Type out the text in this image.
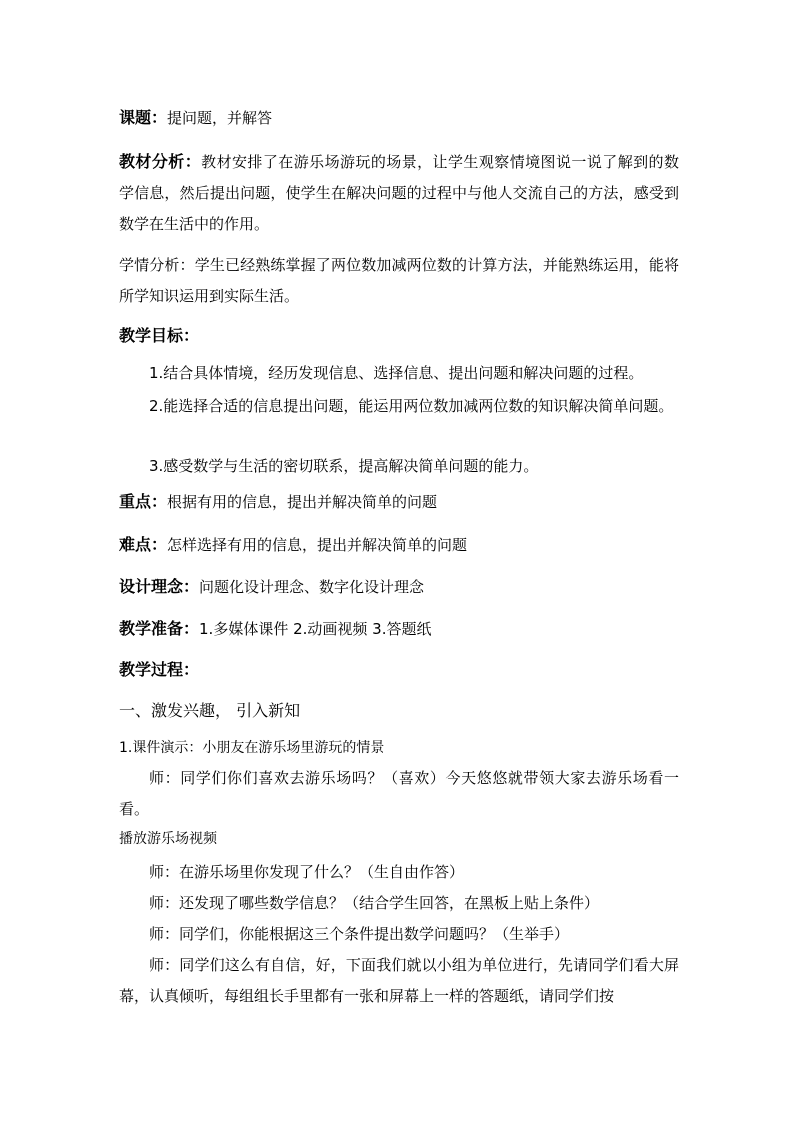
课题：提问题，并解答
教材分析：教材安排了在游乐场游玩的场景，让学生观察情境图说一说了解到的数学信息，然后提出问题，使学生在解决问题的过程中与他人交流自己的方法，感受到数学在生活中的作用。
学情分析：学生已经熟练掌握了两位数加减两位数的计算方法，并能熟练运用，能将所学知识运用到实际生活。
教学目标：
1.结合具体情境，经历发现信息、选择信息、提出问题和解决问题的过程。
2.能选择合适的信息提出问题，能运用两位数加减两位数的知识解决简单问题。
3.感受数学与生活的密切联系，提高解决简单问题的能力。
重点：根据有用的信息，提出并解决简单的问题
难点：怎样选择有用的信息，提出并解决简单的问题
设计理念：问题化设计理念、数字化设计理念
教学准备：1.多媒体课件 2.动画视频 3.答题纸
教学过程：
一、激发兴趣， 引入新知
1.课件演示：小朋友在游乐场里游玩的情景
师：同学们你们喜欢去游乐场吗？（喜欢）今天悠悠就带领大家去游乐场看一看。
播放游乐场视频
师：在游乐场里你发现了什么？（生自由作答）
师：还发现了哪些数学信息？（结合学生回答，在黑板上贴上条件）
师：同学们，你能根据这三个条件提出数学问题吗？（生举手）
师：同学们这么有自信，好，下面我们就以小组为单位进行，先请同学们看大屏幕，认真倾听，每组组长手里都有一张和屏幕上一样的答题纸，请同学们按
